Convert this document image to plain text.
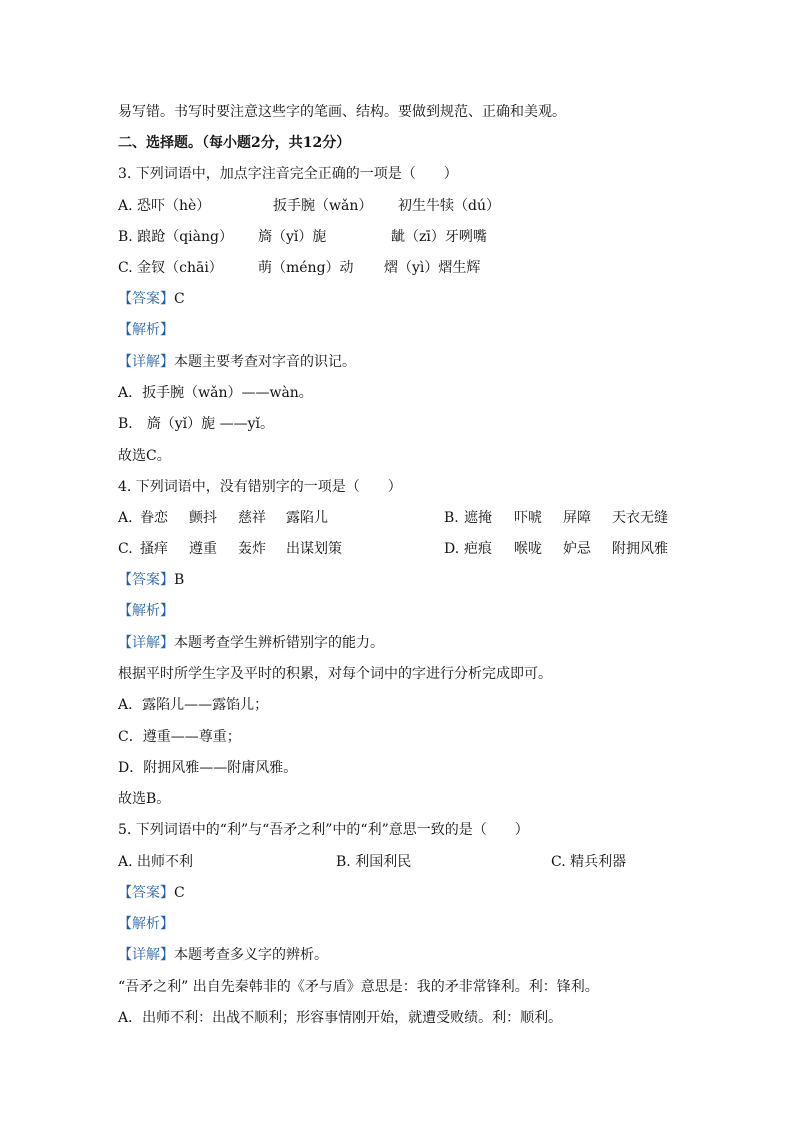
易写错。书写时要注意这些字的笔画、结构。要做到规范、正确和美观。
二、选择题。（每小题2分，共12分）
3. 下列词语中，加点字注音完全正确的一项是（　　）
A. 恐吓（hè）	扳手腕（wǎn） 初生牛犊（dú）
B. 踉跄（qiàng） 旖（yǐ）旎	龇（zī）牙咧嘴
C. 金钗（chāi）	萌（méng）动 熠（yì）熠生辉
【答案】C
【解析】
【详解】本题主要考查对字音的识记。
A．扳手腕（wǎn）——wàn。
B． 旖（yǐ）旎 ——yǐ。
故选C。
4. 下列词语中，没有错别字的一项是（　　）
A. 眷恋 颤抖 慈祥 露陷儿	B. 遮掩 吓唬 屏障 天衣无缝
C. 搔痒 遵重 轰炸 出谋划策	D. 疤痕 喉咙 妒忌 附拥风雅
【答案】B
【解析】
【详解】本题考查学生辨析错别字的能力。
根据平时所学生字及平时的积累，对每个词中的字进行分析完成即可。
A．露陷儿——露馅儿；
C．遵重——尊重；
D．附拥风雅——附庸风雅。
故选B。
5. 下列词语中的“利”与“吾矛之利”中的“利”意思一致的是（　　）
A. 出师不利	B. 利国利民	C. 精兵利器
【答案】C
【解析】
【详解】本题考查多义字的辨析。
“吾矛之利” 出自先秦韩非的《矛与盾》意思是：我的矛非常锋利。利：锋利。
A．出师不利：出战不顺利；形容事情刚开始，就遭受败绩。利：顺利。
